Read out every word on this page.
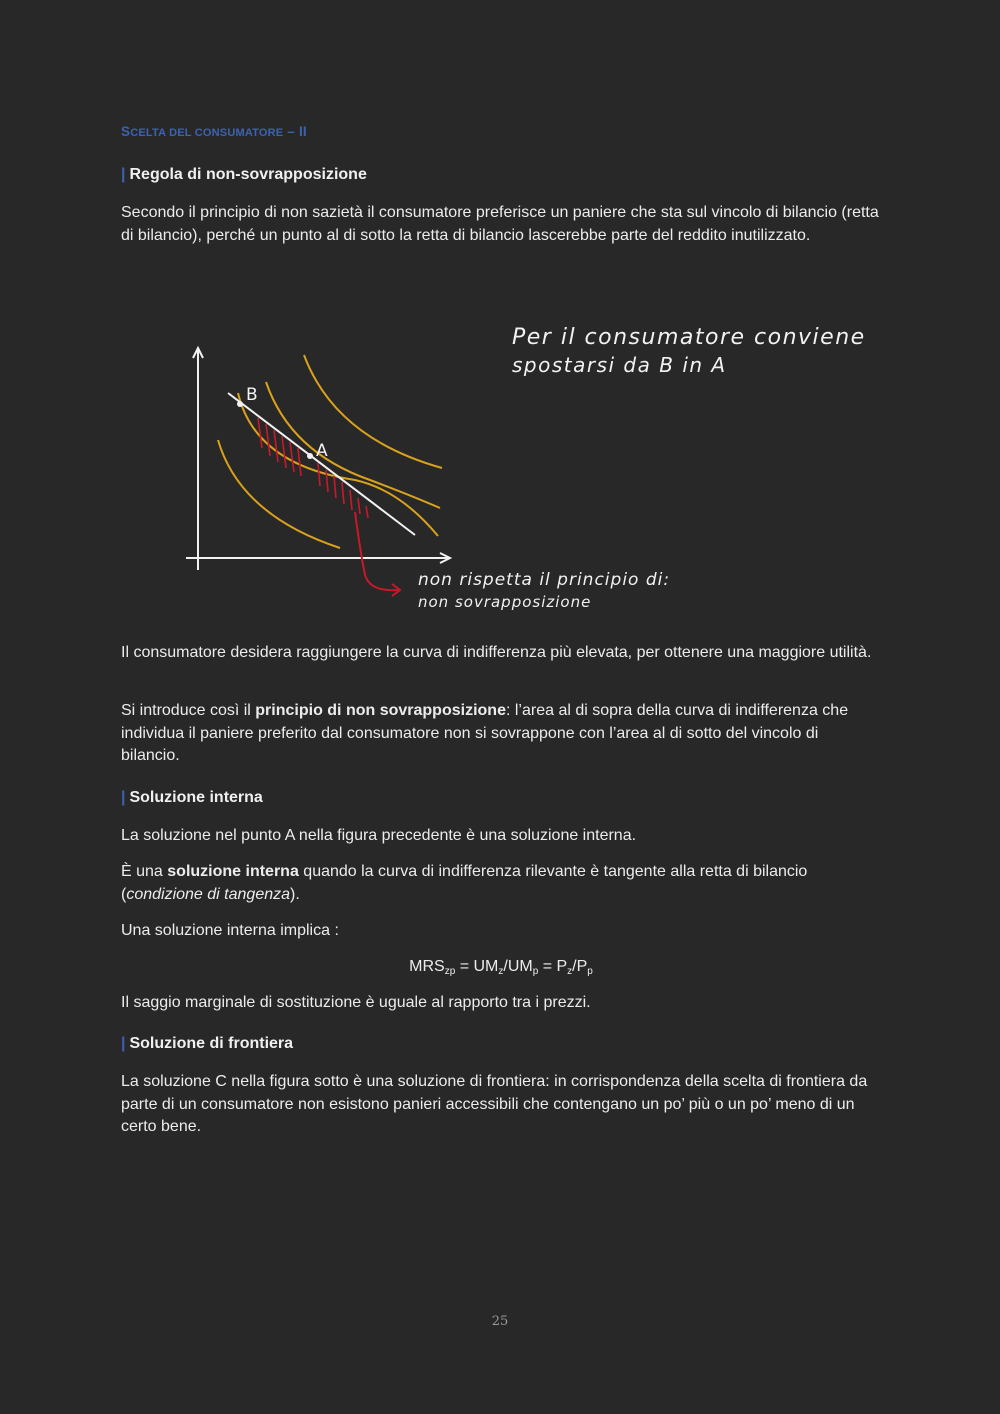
SCELTA DEL CONSUMATORE – II
| Regola di non-sovrapposizione
Secondo il principio di non sazietà il consumatore preferisce un paniere che sta sul vincolo di bilancio (retta di bilancio), perché un punto al di sotto la retta di bilancio lascerebbe parte del reddito inutilizzato.
Il consumatore desidera raggiungere la curva di indifferenza più elevata, per ottenere una maggiore utilità.
Si introduce così il principio di non sovrapposizione: l’area al di sopra della curva di indifferenza che individua il paniere preferito dal consumatore non si sovrappone con l’area al di sotto del vincolo di bilancio.
| Soluzione interna
La soluzione nel punto A nella figura precedente è una soluzione interna.
È una soluzione interna quando la curva di indifferenza rilevante è tangente alla retta di bilancio (condizione di tangenza).
Una soluzione interna implica :
$MRS_{zp} = UM_z/UM_p = P_z/P_p$
Il saggio marginale di sostituzione è uguale al rapporto tra i prezzi.
| Soluzione di frontiera
La soluzione C nella figura sotto è una soluzione di frontiera: in corrispondenza della scelta di frontiera da parte di un consumatore non esistono panieri accessibili che contengano un po’ più o un po’ meno di un certo bene.
B
A
Per il consumatore conviene
spostarsi da B in A
non rispetta il principio di:
non sovrapposizione
25
